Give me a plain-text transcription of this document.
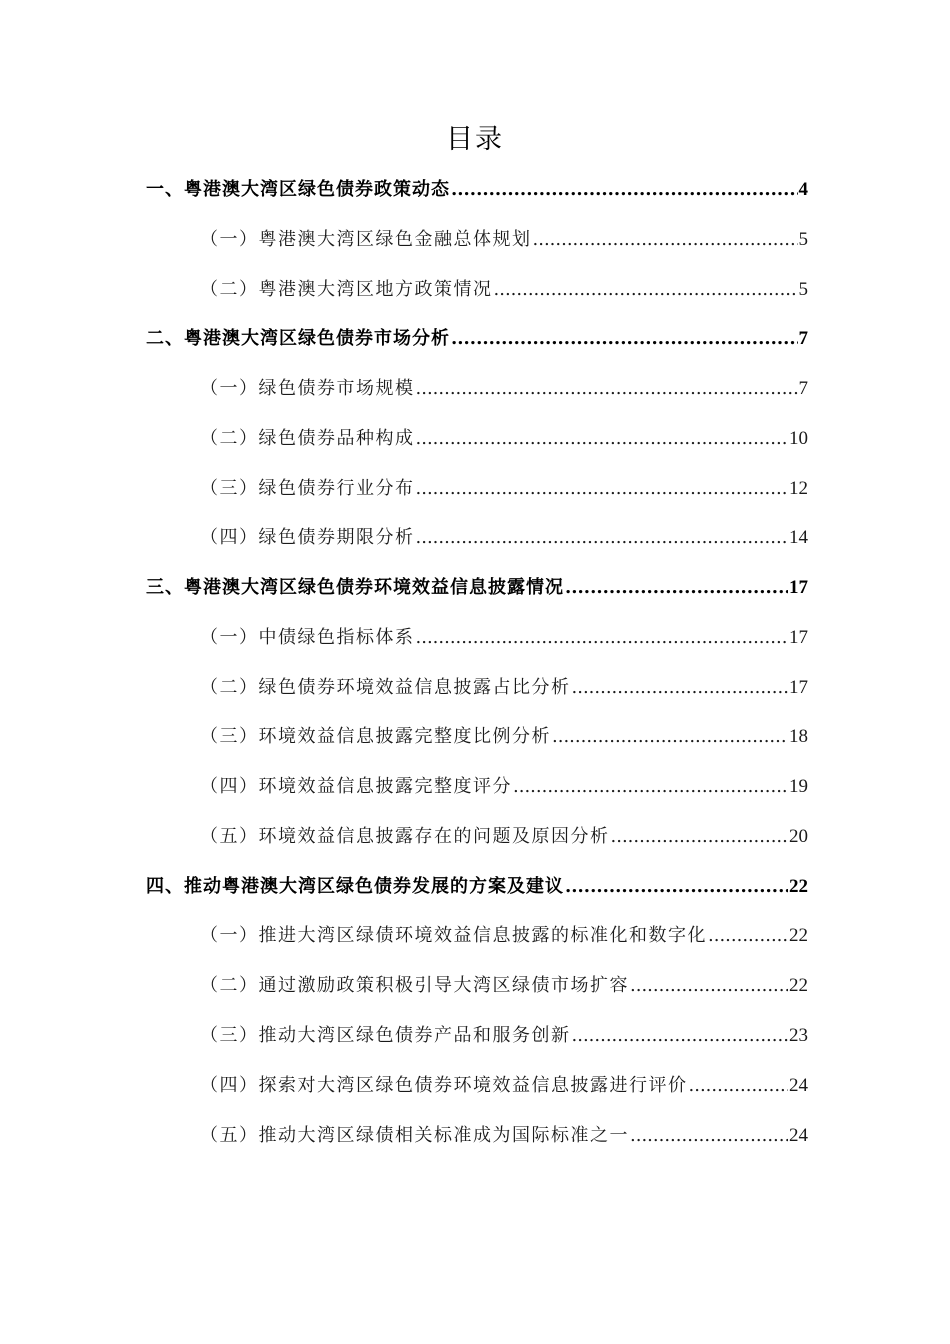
目录
一、粤港澳大湾区绿色债券政策动态 .....	4
（一）粤港澳大湾区绿色金融总体规划 .....	5
（二）粤港澳大湾区地方政策情况 .....	5
二、粤港澳大湾区绿色债券市场分析 .....	7
（一）绿色债券市场规模 .....	7
（二）绿色债券品种构成 .....	10
（三）绿色债券行业分布 .....	12
（四）绿色债券期限分析 .....	14
三、粤港澳大湾区绿色债券环境效益信息披露情况 .....	17
（一）中债绿色指标体系 .....	17
（二）绿色债券环境效益信息披露占比分析 .....	17
（三）环境效益信息披露完整度比例分析 .....	18
（四）环境效益信息披露完整度评分 .....	19
（五）环境效益信息披露存在的问题及原因分析 .....	20
四、推动粤港澳大湾区绿色债券发展的方案及建议 .....	22
（一）推进大湾区绿债环境效益信息披露的标准化和数字化 .....	22
（二）通过激励政策积极引导大湾区绿债市场扩容 .....	22
（三）推动大湾区绿色债券产品和服务创新 .....	23
（四）探索对大湾区绿色债券环境效益信息披露进行评价 .....	24
（五）推动大湾区绿债相关标准成为国际标准之一 .....	24
